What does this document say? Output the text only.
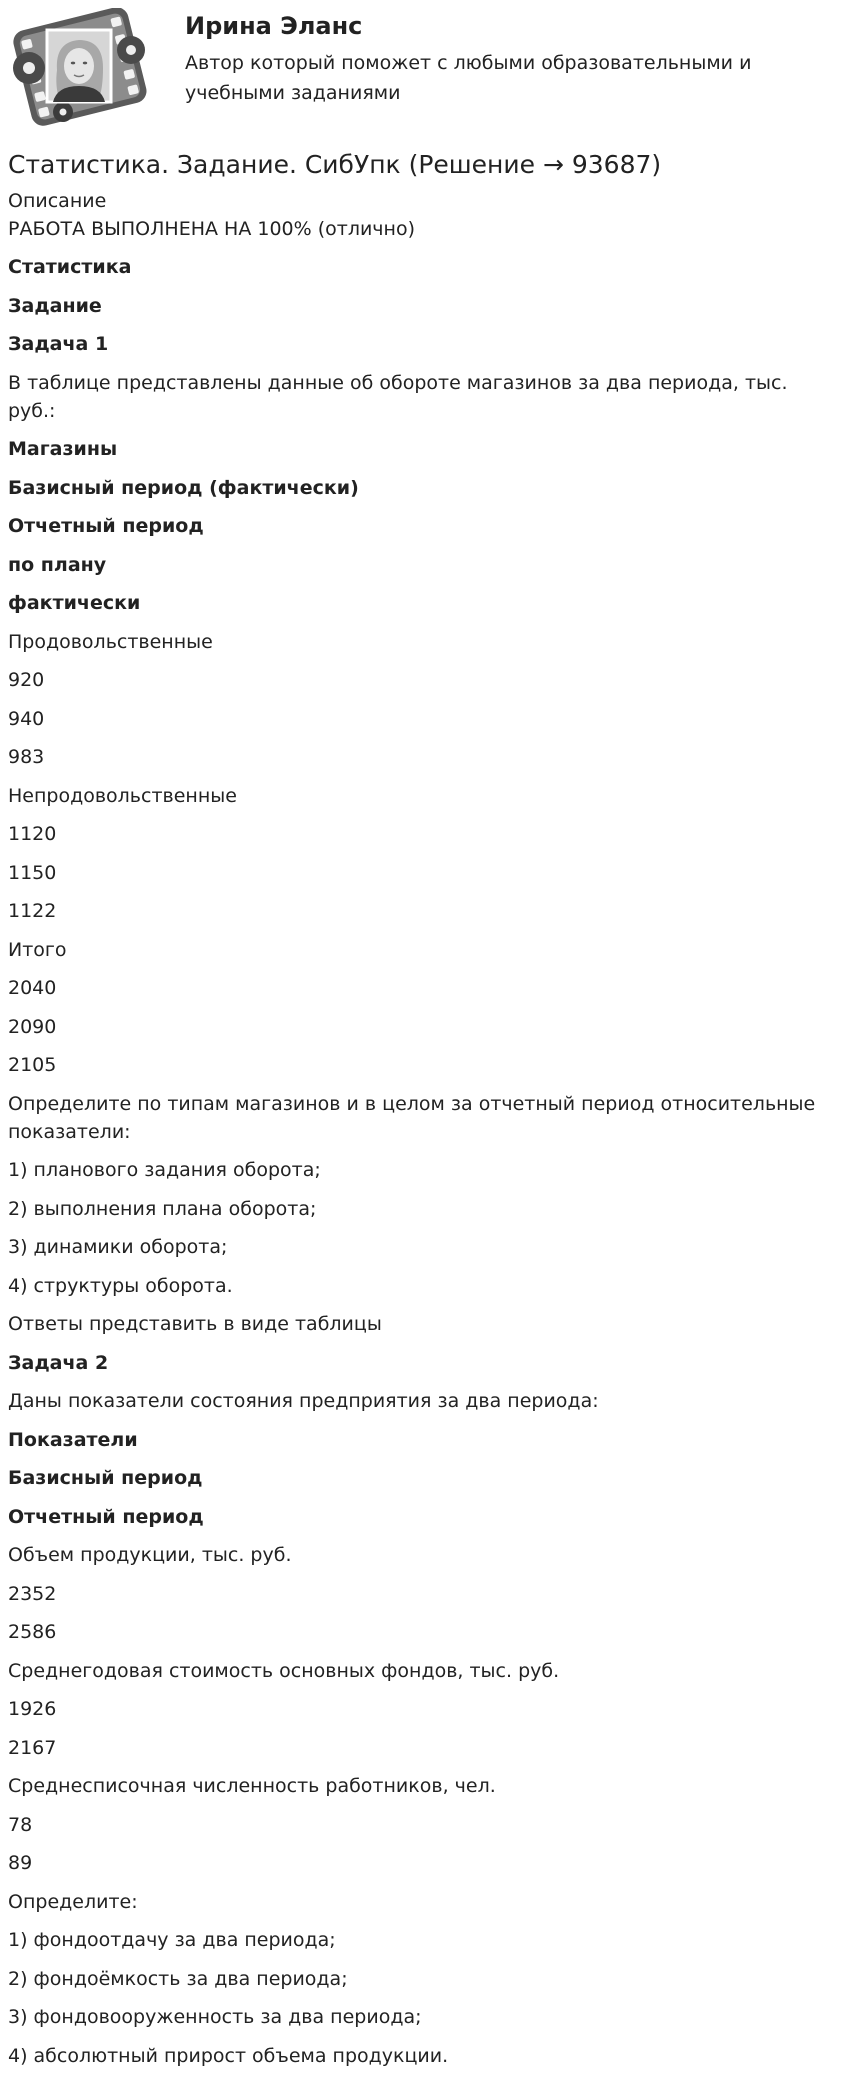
Ирина Эланс
Автор который поможет с любыми образовательными и учебными заданиями
Статистика. Задание. СибУпк (Решение → 93687)
Описание
РАБОТА ВЫПОЛНЕНА НА 100% (отлично)

Статистика

Задание

Задача 1

В таблице представлены данные об обороте магазинов за два периода, тыс. руб.:

Магазины

Базисный период (фактически)

Отчетный период

по плану

фактически

Продовольственные

920

940

983

Непродовольственные

1120

1150

1122

Итого

2040

2090

2105

Определите по типам магазинов и в целом за отчетный период относительные показатели:

1) планового задания оборота;

2) выполнения плана оборота;

3) динамики оборота;

4) структуры оборота.

Ответы представить в виде таблицы

Задача 2

Даны показатели состояния предприятия за два периода:

Показатели

Базисный период

Отчетный период

Объем продукции, тыс. руб.

2352

2586

Среднегодовая стоимость основных фондов, тыс. руб.

1926

2167

Среднесписочная численность работников, чел.

78

89

Определите:

1) фондоотдачу за два периода;

2) фондоёмкость за два периода;

3) фондовооруженность за два периода;

4) абсолютный прирост объема продукции.
